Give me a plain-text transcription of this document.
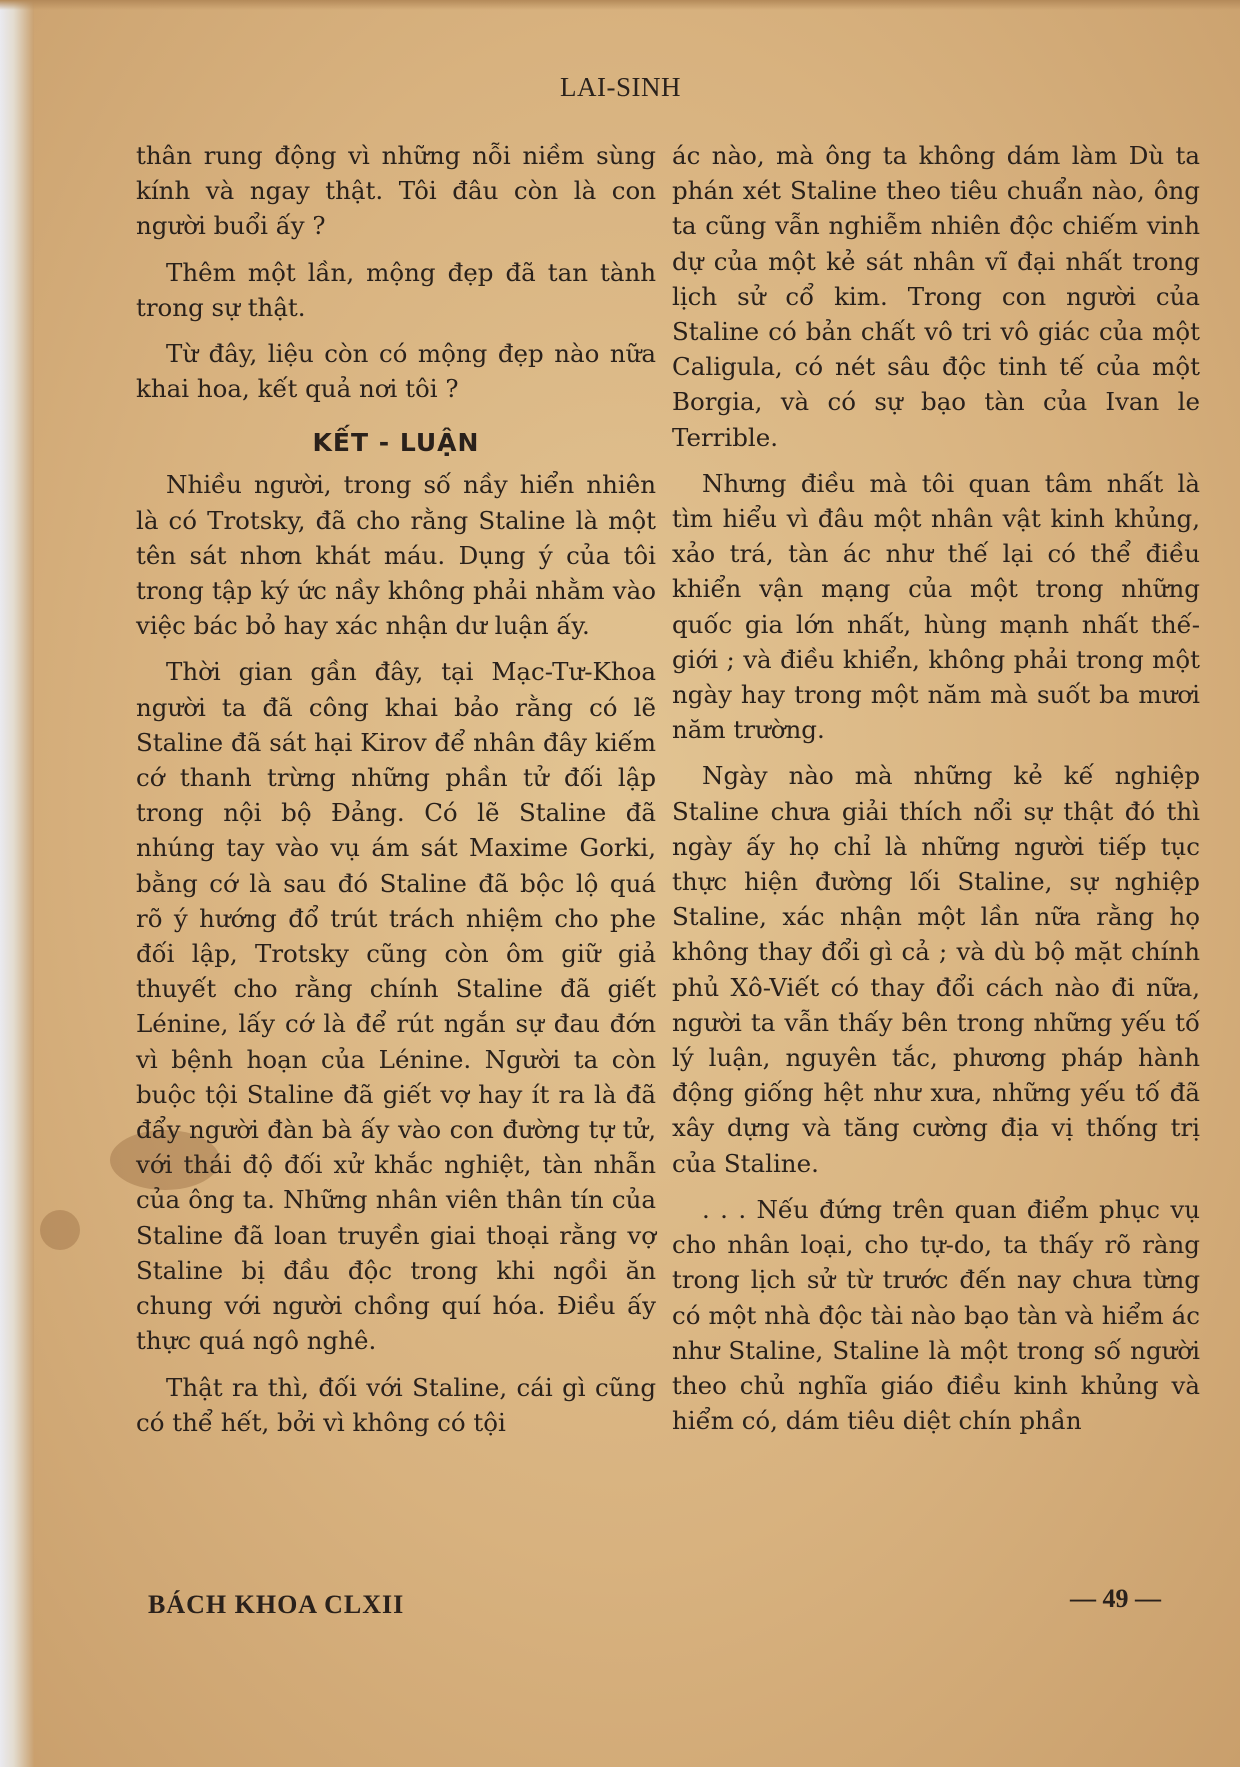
LAI-SINH

thân rung động vì những nỗi niềm sùng kính và ngay thật. Tôi đâu còn là con người buổi ấy ?

Thêm một lần, mộng đẹp đã tan tành trong sự thật.

Từ đây, liệu còn có mộng đẹp nào nữa khai hoa, kết quả nơi tôi ?

KẾT - LUẬN

Nhiều người, trong số nầy hiển nhiên là có Trotsky, đã cho rằng Staline là một tên sát nhơn khát máu. Dụng ý của tôi trong tập ký ức nầy không phải nhằm vào việc bác bỏ hay xác nhận dư luận ấy.

Thời gian gần đây, tại Mạc-Tư-Khoa người ta đã công khai bảo rằng có lẽ Staline đã sát hại Kirov để nhân đây kiếm cớ thanh trừng những phần tử đối lập trong nội bộ Đảng. Có lẽ Staline đã nhúng tay vào vụ ám sát Maxime Gorki, bằng cớ là sau đó Staline đã bộc lộ quá rõ ý hướng đổ trút trách nhiệm cho phe đối lập, Trotsky cũng còn ôm giữ giả thuyết cho rằng chính Staline đã giết Lénine, lấy cớ là để rút ngắn sự đau đớn vì bệnh hoạn của Lénine. Người ta còn buộc tội Staline đã giết vợ hay ít ra là đã đẩy người đàn bà ấy vào con đường tự tử, với thái độ đối xử khắc nghiệt, tàn nhẫn của ông ta. Những nhân viên thân tín của Staline đã loan truyền giai thoại rằng vợ Staline bị đầu độc trong khi ngồi ăn chung với người chồng quí hóa. Điều ấy thực quá ngô nghê.

Thật ra thì, đối với Staline, cái gì cũng có thể hết, bởi vì không có tội

ác nào, mà ông ta không dám làm Dù ta phán xét Staline theo tiêu chuẩn nào, ông ta cũng vẫn nghiễm nhiên độc chiếm vinh dự của một kẻ sát nhân vĩ đại nhất trong lịch sử cổ kim. Trong con người của Staline có bản chất vô tri vô giác của một Caligula, có nét sâu độc tinh tế của một Borgia, và có sự bạo tàn của Ivan le Terrible.

Nhưng điều mà tôi quan tâm nhất là tìm hiểu vì đâu một nhân vật kinh khủng, xảo trá, tàn ác như thế lại có thể điều khiển vận mạng của một trong những quốc gia lớn nhất, hùng mạnh nhất thế-giới ; và điều khiển, không phải trong một ngày hay trong một năm mà suốt ba mươi năm trường.

Ngày nào mà những kẻ kế nghiệp Staline chưa giải thích nổi sự thật đó thì ngày ấy họ chỉ là những người tiếp tục thực hiện đường lối Staline, sự nghiệp Staline, xác nhận một lần nữa rằng họ không thay đổi gì cả ; và dù bộ mặt chính phủ Xô-Viết có thay đổi cách nào đi nữa, người ta vẫn thấy bên trong những yếu tố lý luận, nguyên tắc, phương pháp hành động giống hệt như xưa, những yếu tố đã xây dựng và tăng cường địa vị thống trị của Staline.

. . . Nếu đứng trên quan điểm phục vụ cho nhân loại, cho tự-do, ta thấy rõ ràng trong lịch sử từ trước đến nay chưa từng có một nhà độc tài nào bạo tàn và hiểm ác như Staline, Staline là một trong số người theo chủ nghĩa giáo điều kinh khủng và hiểm có, dám tiêu diệt chín phần

BÁCH KHOA CLXII	— 49 —
